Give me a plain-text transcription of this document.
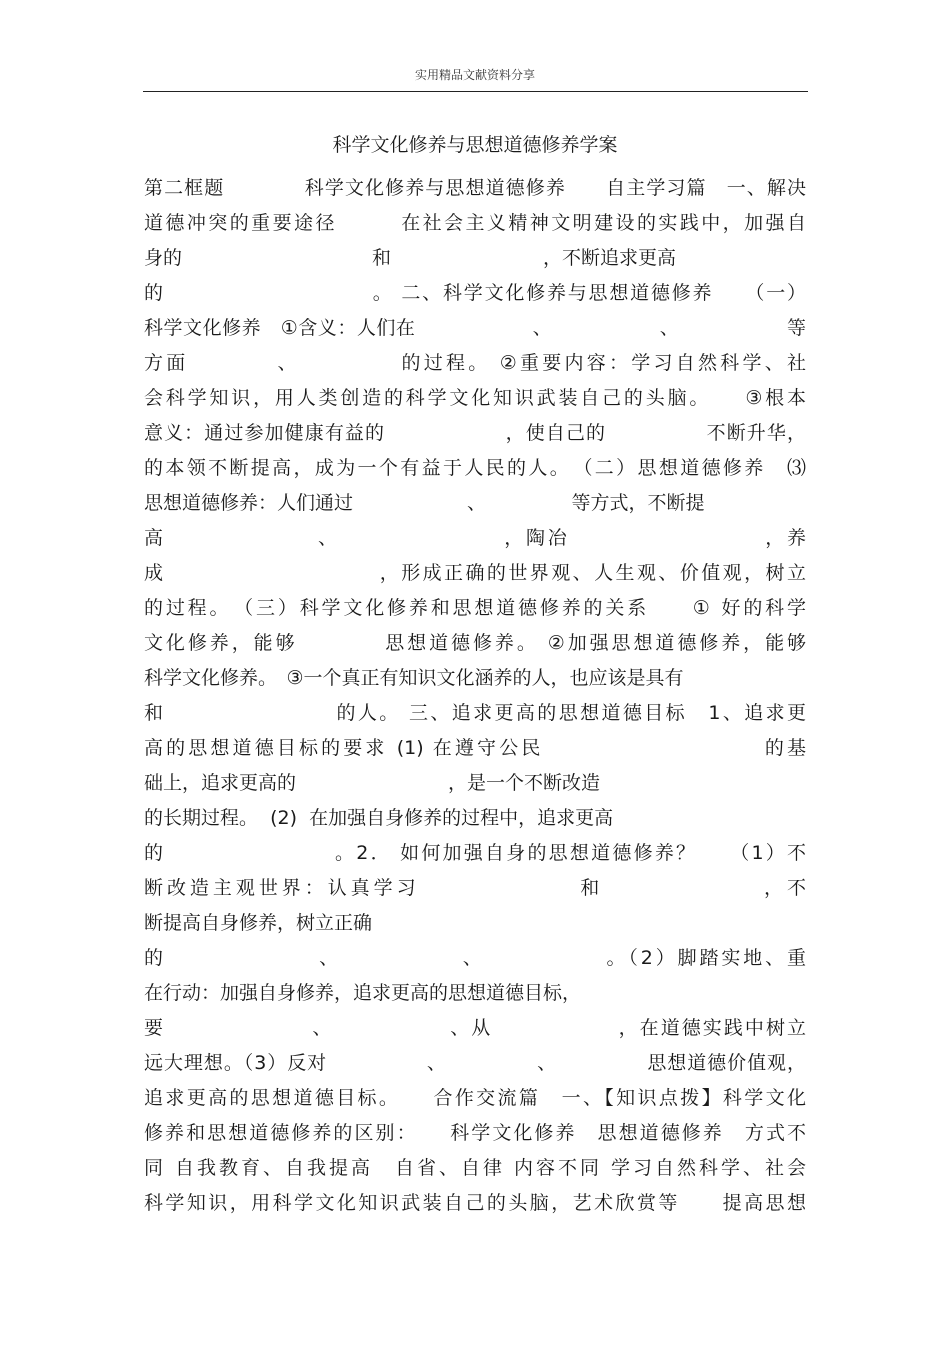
实用精品文献资料分享
科学文化修养与思想道德修养学案
第二框题　　　　科学文化修养与思想道德修养　　自主学习篇　一、解决
道德冲突的重要途径　　　在社会主义精神文明建设的实践中，加强自
身的　　　　　　　　　　和　　　　　　　　，不断追求更高
的　　　　　　　　　　。 二、科学文化修养与思想道德修养　　（一）
科学文化修养　①含义：人们在　　　　　　、　　　　　　、　　　　　　等
方面　　　　、　　　　　的过程。 ②重要内容：学习自然科学、社
会科学知识，用人类创造的科学文化知识武装自己的头脑。　　③根本
意义：通过参加健康有益的　　　　　　，使自己的　　　　　不断升华，
的本领不断提高，成为一个有益于人民的人。　（二）思想道德修养　⑶
思想道德修养：人们通过　　　　　　、　　　　　等方式，不断提
高　　　　　　　、　　　　　　　　，陶冶　　　　　　　　　，养
成　　　　　　　　　　，形成正确的世界观、人生观、价值观，树立
的过程。　（三）科学文化修养和思想道德修养的关系　　① 好的科学
文化修养，能够　　　　思想道德修养。 ②加强思想道德修养，能够
科学文化修养。　③一个真正有知识文化涵养的人，也应该是具有
和　　　　　　　　的人。 三、追求更高的思想道德目标　1、追求更
高的思想道德目标的要求 (1) 在遵守公民　　　　　　　　　　的基
础上，追求更高的　　　　　　　　，是一个不断改造
的长期过程。  (2)  在加强自身修养的过程中，追求更高
的　　　　　　　　。2． 如何加强自身的思想道德修养？　　（1）不
断改造主观世界：认真学习　　　　　　　和　　　　　　　，不
断提高自身修养，树立正确
的　　　　　　　、　　　　　　、　　　　　　。（2）脚踏实地、重
在行动：加强自身修养，追求更高的思想道德目标，
要　　　　　　　、　　　　　　、从　　　　　　，在道德实践中树立
远大理想。（3）反对　　　　　、　　　　　、　　　　　思想道德价值观，
追求更高的思想道德目标。　　合作交流篇　一、【知识点拨】科学文化
修养和思想道德修养的区别：　　科学文化修养　思想道德修养　方式不
同 自我教育、自我提高　自省、自律 内容不同 学习自然科学、社会
科学知识，用科学文化知识武装自己的头脑，艺术欣赏等　　提高思想
